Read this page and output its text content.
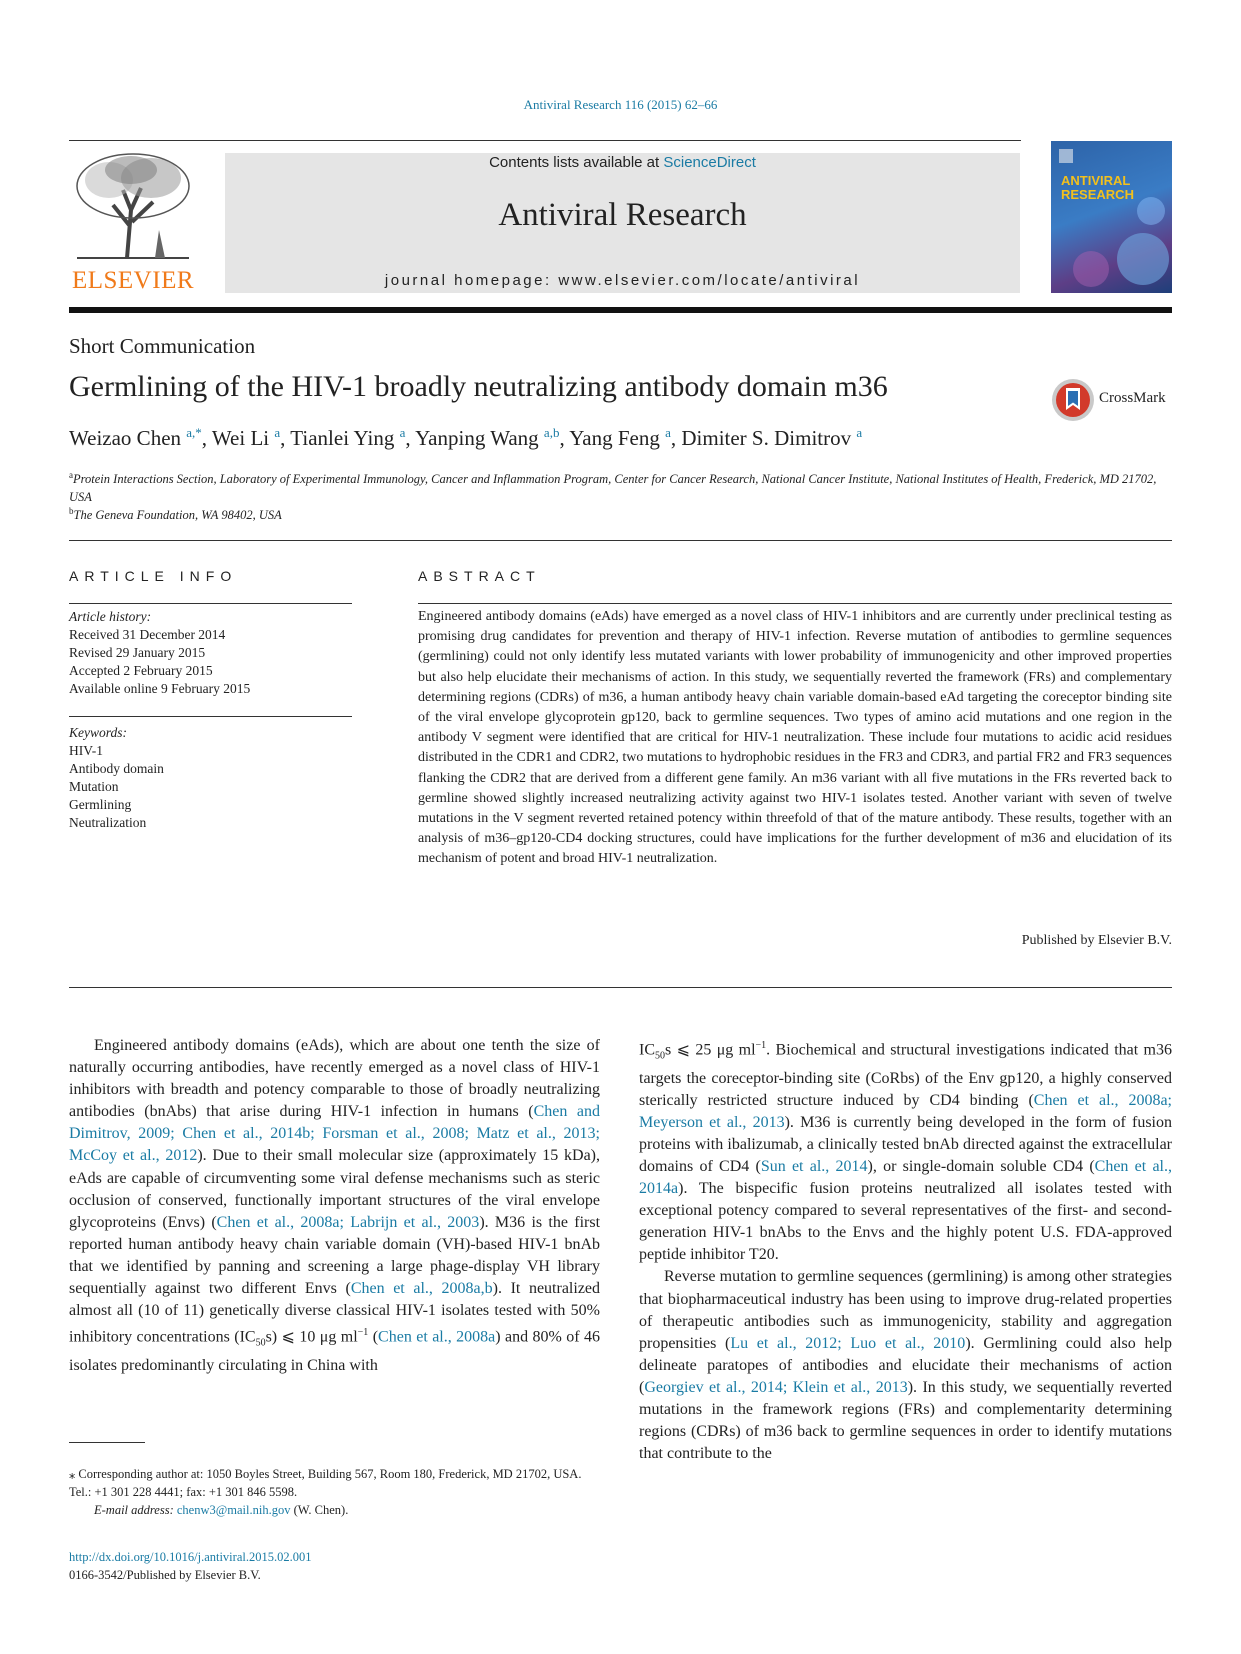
Antiviral Research 116 (2015) 62–66
ELSEVIER
Contents lists available at ScienceDirect
Antiviral Research
journal homepage: www.elsevier.com/locate/antiviral
ANTIVIRAL RESEARCH
Short Communication
Germlining of the HIV-1 broadly neutralizing antibody domain m36	CrossMark
Weizao Chen $^{a,*}$, Wei Li $^a$, Tianlei Ying $^a$, Yanping Wang $^{a,b}$, Yang Feng $^a$, Dimiter S. Dimitrov $^a$
$^a$Protein Interactions Section, Laboratory of Experimental Immunology, Cancer and Inflammation Program, Center for Cancer Research, National Cancer Institute, National Institutes of Health, Frederick, MD 21702, USA
$^b$The Geneva Foundation, WA 98402, USA
ARTICLE INFO
Article history:
Received 31 December 2014
Revised 29 January 2015
Accepted 2 February 2015
Available online 9 February 2015
Keywords:
HIV-1
Antibody domain
Mutation
Germlining
Neutralization
ABSTRACT
Engineered antibody domains (eAds) have emerged as a novel class of HIV-1 inhibitors and are currently under preclinical testing as promising drug candidates for prevention and therapy of HIV-1 infection. Reverse mutation of antibodies to germline sequences (germlining) could not only identify less mutated variants with lower probability of immunogenicity and other improved properties but also help elucidate their mechanisms of action. In this study, we sequentially reverted the framework (FRs) and complementary determining regions (CDRs) of m36, a human antibody heavy chain variable domain-based eAd targeting the coreceptor binding site of the viral envelope glycoprotein gp120, back to germline sequences. Two types of amino acid mutations and one region in the antibody V segment were identified that are critical for HIV-1 neutralization. These include four mutations to acidic acid residues distributed in the CDR1 and CDR2, two mutations to hydrophobic residues in the FR3 and CDR3, and partial FR2 and FR3 sequences flanking the CDR2 that are derived from a different gene family. An m36 variant with all five mutations in the FRs reverted back to germline showed slightly increased neutralizing activity against two HIV-1 isolates tested. Another variant with seven of twelve mutations in the V segment reverted retained potency within threefold of that of the mature antibody. These results, together with an analysis of m36–gp120-CD4 docking structures, could have implications for the further development of m36 and elucidation of its mechanism of potent and broad HIV-1 neutralization.
Published by Elsevier B.V.

Engineered antibody domains (eAds), which are about one tenth the size of naturally occurring antibodies, have recently emerged as a novel class of HIV-1 inhibitors with breadth and potency comparable to those of broadly neutralizing antibodies (bnAbs) that arise during HIV-1 infection in humans (Chen and Dimitrov, 2009; Chen et al., 2014b; Forsman et al., 2008; Matz et al., 2013; McCoy et al., 2012). Due to their small molecular size (approximately 15 kDa), eAds are capable of circumventing some viral defense mechanisms such as steric occlusion of conserved, functionally important structures of the viral envelope glycoproteins (Envs) (Chen et al., 2008a; Labrijn et al., 2003). M36 is the first reported human antibody heavy chain variable domain (VH)-based HIV-1 bnAb that we identified by panning and screening a large phage-display VH library sequentially against two different Envs (Chen et al., 2008a,b). It neutralized almost all (10 of 11) genetically diverse classical HIV-1 isolates tested with 50% inhibitory concentrations $(IC_{50}s)$ ⩽ 10 μg $ml^{-1}$ (Chen et al., 2008a) and 80% of 46 isolates predominantly circulating in China with

$IC_{50}s$ ⩽ 25 μg $ml^{-1}$. Biochemical and structural investigations indicated that m36 targets the coreceptor-binding site (CoRbs) of the Env gp120, a highly conserved sterically restricted structure induced by CD4 binding (Chen et al., 2008a; Meyerson et al., 2013). M36 is currently being developed in the form of fusion proteins with ibalizumab, a clinically tested bnAb directed against the extracellular domains of CD4 (Sun et al., 2014), or single-domain soluble CD4 (Chen et al., 2014a). The bispecific fusion proteins neutralized all isolates tested with exceptional potency compared to several representatives of the first- and second-generation HIV-1 bnAbs to the Envs and the highly potent U.S. FDA-approved peptide inhibitor T20.

Reverse mutation to germline sequences (germlining) is among other strategies that biopharmaceutical industry has been using to improve drug-related properties of therapeutic antibodies such as immunogenicity, stability and aggregation propensities (Lu et al., 2012; Luo et al., 2010). Germlining could also help delineate paratopes of antibodies and elucidate their mechanisms of action (Georgiev et al., 2014; Klein et al., 2013). In this study, we sequentially reverted mutations in the framework regions (FRs) and complementarity determining regions (CDRs) of m36 back to germline sequences in order to identify mutations that contribute to the

⁎ Corresponding author at: 1050 Boyles Street, Building 567, Room 180, Frederick, MD 21702, USA. Tel.: +1 301 228 4441; fax: +1 301 846 5598.
E-mail address: chenw3@mail.nih.gov (W. Chen).
http://dx.doi.org/10.1016/j.antiviral.2015.02.001
0166-3542/Published by Elsevier B.V.
